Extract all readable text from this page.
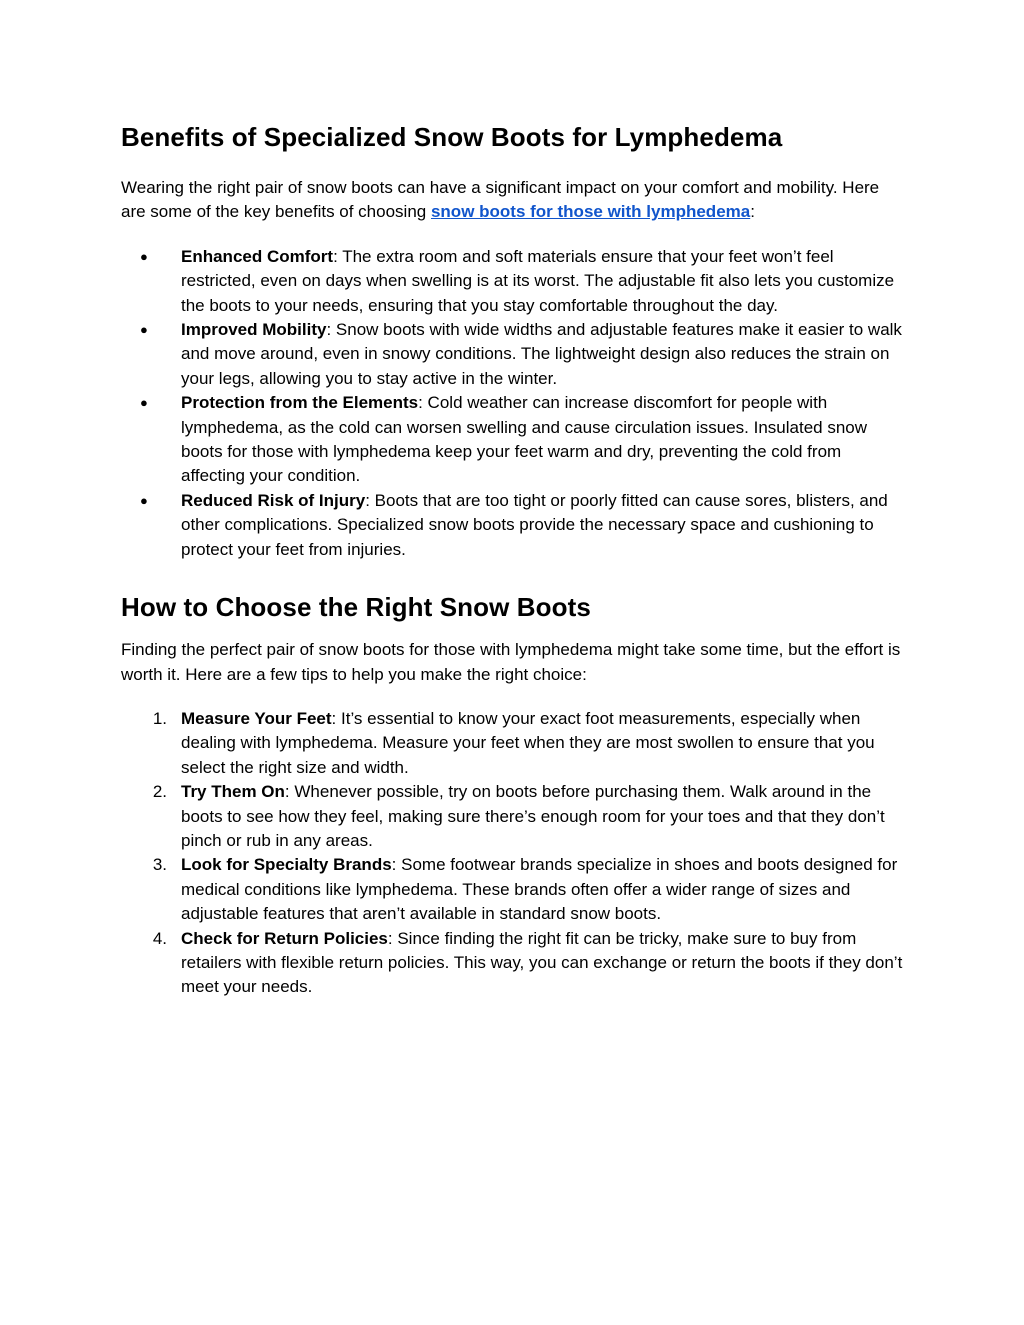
Benefits of Specialized Snow Boots for Lymphedema

Wearing the right pair of snow boots can have a significant impact on your comfort and mobility. Here are some of the key benefits of choosing snow boots for those with lymphedema:

●	Enhanced Comfort: The extra room and soft materials ensure that your feet won’t feel restricted, even on days when swelling is at its worst. The adjustable fit also lets you customize the boots to your needs, ensuring that you stay comfortable throughout the day.
●	Improved Mobility: Snow boots with wide widths and adjustable features make it easier to walk and move around, even in snowy conditions. The lightweight design also reduces the strain on your legs, allowing you to stay active in the winter.
●	Protection from the Elements: Cold weather can increase discomfort for people with lymphedema, as the cold can worsen swelling and cause circulation issues. Insulated snow boots for those with lymphedema keep your feet warm and dry, preventing the cold from affecting your condition.
●	Reduced Risk of Injury: Boots that are too tight or poorly fitted can cause sores, blisters, and other complications. Specialized snow boots provide the necessary space and cushioning to protect your feet from injuries.
How to Choose the Right Snow Boots

Finding the perfect pair of snow boots for those with lymphedema might take some time, but the effort is worth it. Here are a few tips to help you make the right choice:

1. Measure Your Feet: It’s essential to know your exact foot measurements, especially when dealing with lymphedema. Measure your feet when they are most swollen to ensure that you select the right size and width.
2. Try Them On: Whenever possible, try on boots before purchasing them. Walk around in the boots to see how they feel, making sure there’s enough room for your toes and that they don’t pinch or rub in any areas.
3. Look for Specialty Brands: Some footwear brands specialize in shoes and boots designed for medical conditions like lymphedema. These brands often offer a wider range of sizes and adjustable features that aren’t available in standard snow boots.
4. Check for Return Policies: Since finding the right fit can be tricky, make sure to buy from retailers with flexible return policies. This way, you can exchange or return the boots if they don’t meet your needs.
